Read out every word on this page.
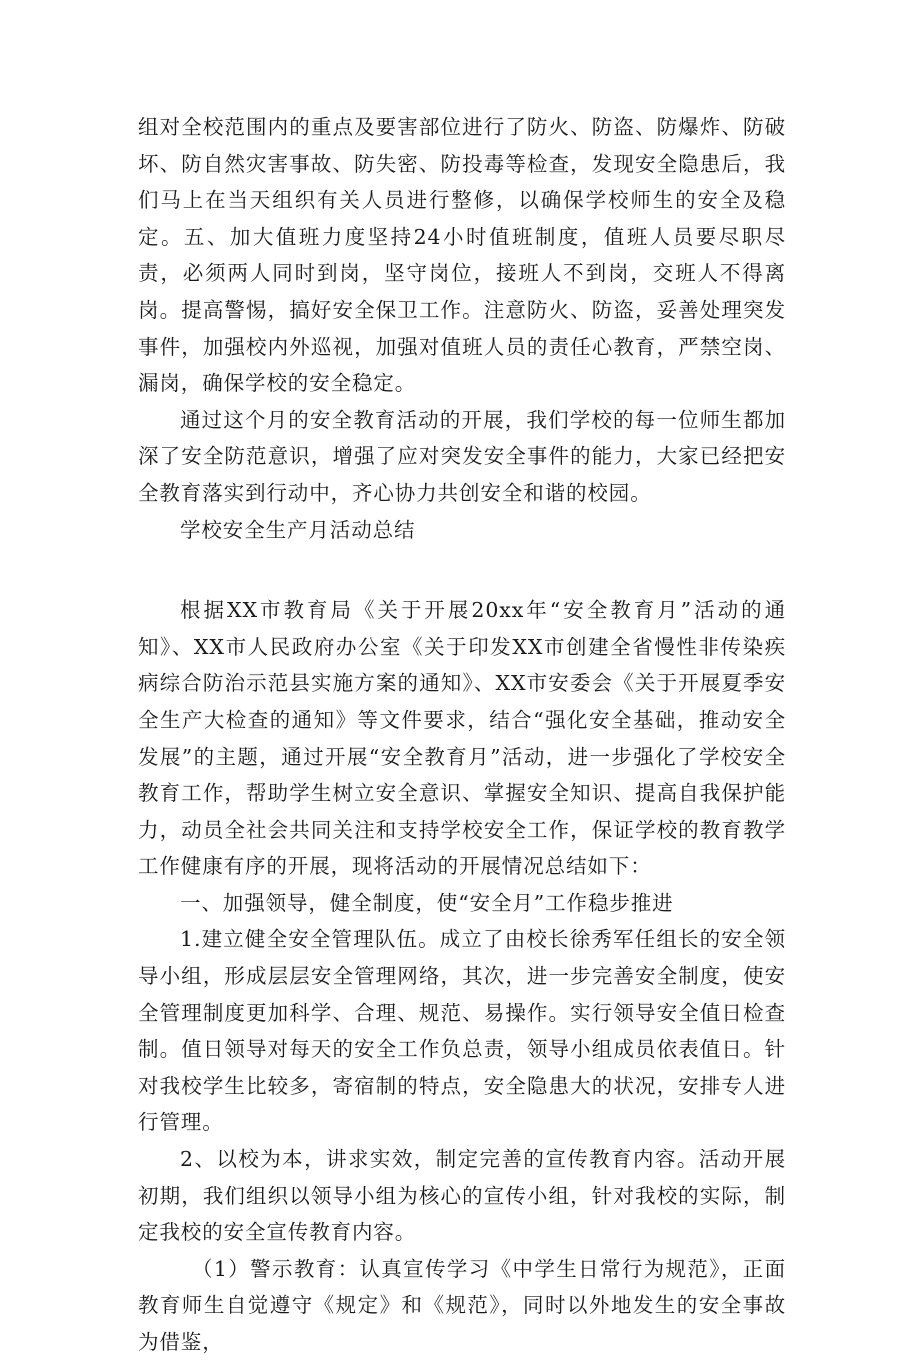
组对全校范围内的重点及要害部位进行了防火、防盗、防爆炸、防破坏、防自然灾害事故、防失密、防投毒等检查，发现安全隐患后，我们马上在当天组织有关人员进行整修，以确保学校师生的安全及稳定。五、加大值班力度坚持24小时值班制度，值班人员要尽职尽责，必须两人同时到岗，坚守岗位，接班人不到岗，交班人不得离岗。提高警惕，搞好安全保卫工作。注意防火、防盗，妥善处理突发事件，加强校内外巡视，加强对值班人员的责任心教育，严禁空岗、漏岗，确保学校的安全稳定。

通过这个月的安全教育活动的开展，我们学校的每一位师生都加深了安全防范意识，增强了应对突发安全事件的能力，大家已经把安全教育落实到行动中，齐心协力共创安全和谐的校园。

学校安全生产月活动总结

根据XX市教育局《关于开展20xx年“安全教育月”活动的通知》、XX市人民政府办公室《关于印发XX市创建全省慢性非传染疾病综合防治示范县实施方案的通知》、XX市安委会《关于开展夏季安全生产大检查的通知》等文件要求，结合“强化安全基础，推动安全发展”的主题，通过开展“安全教育月”活动，进一步强化了学校安全教育工作，帮助学生树立安全意识、掌握安全知识、提高自我保护能力，动员全社会共同关注和支持学校安全工作，保证学校的教育教学工作健康有序的开展，现将活动的开展情况总结如下：

一、加强领导，健全制度，使“安全月”工作稳步推进

1.建立健全安全管理队伍。成立了由校长徐秀军任组长的安全领导小组，形成层层安全管理网络，其次，进一步完善安全制度，使安全管理制度更加科学、合理、规范、易操作。实行领导安全值日检查制。值日领导对每天的安全工作负总责，领导小组成员依表值日。针对我校学生比较多，寄宿制的特点，安全隐患大的状况，安排专人进行管理。

2、以校为本，讲求实效，制定完善的宣传教育内容。活动开展初期，我们组织以领导小组为核心的宣传小组，针对我校的实际，制定我校的安全宣传教育内容。

（1）警示教育：认真宣传学习《中学生日常行为规范》，正面教育师生自觉遵守《规定》和《规范》，同时以外地发生的安全事故为借鉴，
